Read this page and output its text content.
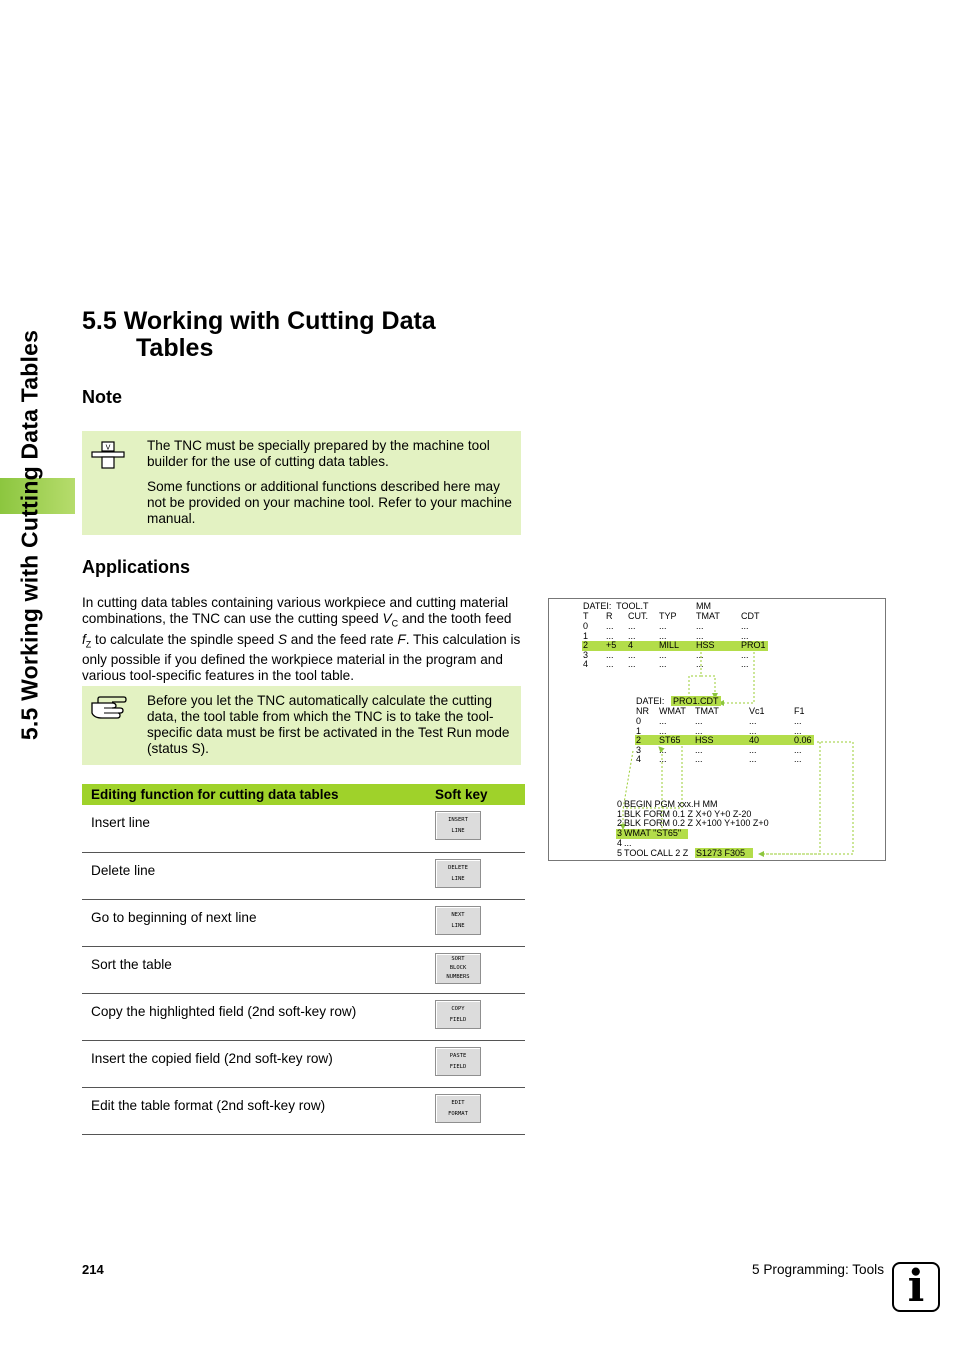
5.5 Working with Cutting Data Tables
5.5 Working with Cutting Data
Tables
Note
V	The TNC must be specially prepared by the machine tool builder for the use of cutting data tables.

Some functions or additional functions described here may not be provided on your machine tool. Refer to your machine manual.

Applications
In cutting data tables containing various workpiece and cutting material combinations, the TNC can use the cutting speed $V_C$ and the tooth feed $f_Z$ to calculate the spindle speed S and the feed rate F. This calculation is only possible if you defined the workpiece material in the program and various tool-specific features in the tool table.

Before you let the TNC automatically calculate the cutting data, the tool table from which the TNC is to take the tool-specific data must be first be activated in the Test Run mode (status S).

Editing function for cutting data tables	Soft key
Insert line	INSERT
LINE

Delete line	DELETE
LINE

Go to beginning of next line	NEXT
LINE

Sort the table	SORT
BLOCK
NUMBERS

Copy the highlighted field (2nd soft-key row)	COPY
FIELD

Insert the copied field (2nd soft-key row)	PASTE
FIELD

Edit the table format (2nd soft-key row)	EDIT
FORMAT
DATEI:  TOOL.T	MM
T R CUT. TYP TMAT CDT
0 ... ...	...	...	...
1 ... ...	...	...	...
2 +5 4	MILL HSS	PRO1
3 ... ...	...	...	...
4 ... ...	...	...	...
DATEI: PRO1.CDT
NR WMAT TMAT	Vc1	F1
0 ...	...	...	...
1 ...	...	...	...
2 ST65 HSS	40	0.06
3 ...	...	...	...
4 ...	...	...	...
0 BEGIN PGM xxx.H MM
1 BLK FORM 0.1 Z X+0 Y+0 Z-20
2 BLK FORM 0.2 Z X+100 Y+100 Z+0
3 WMAT "ST65"
4 ...
5 TOOL CALL 2 Z S1273 F305
214	5 Programming: Tools i
